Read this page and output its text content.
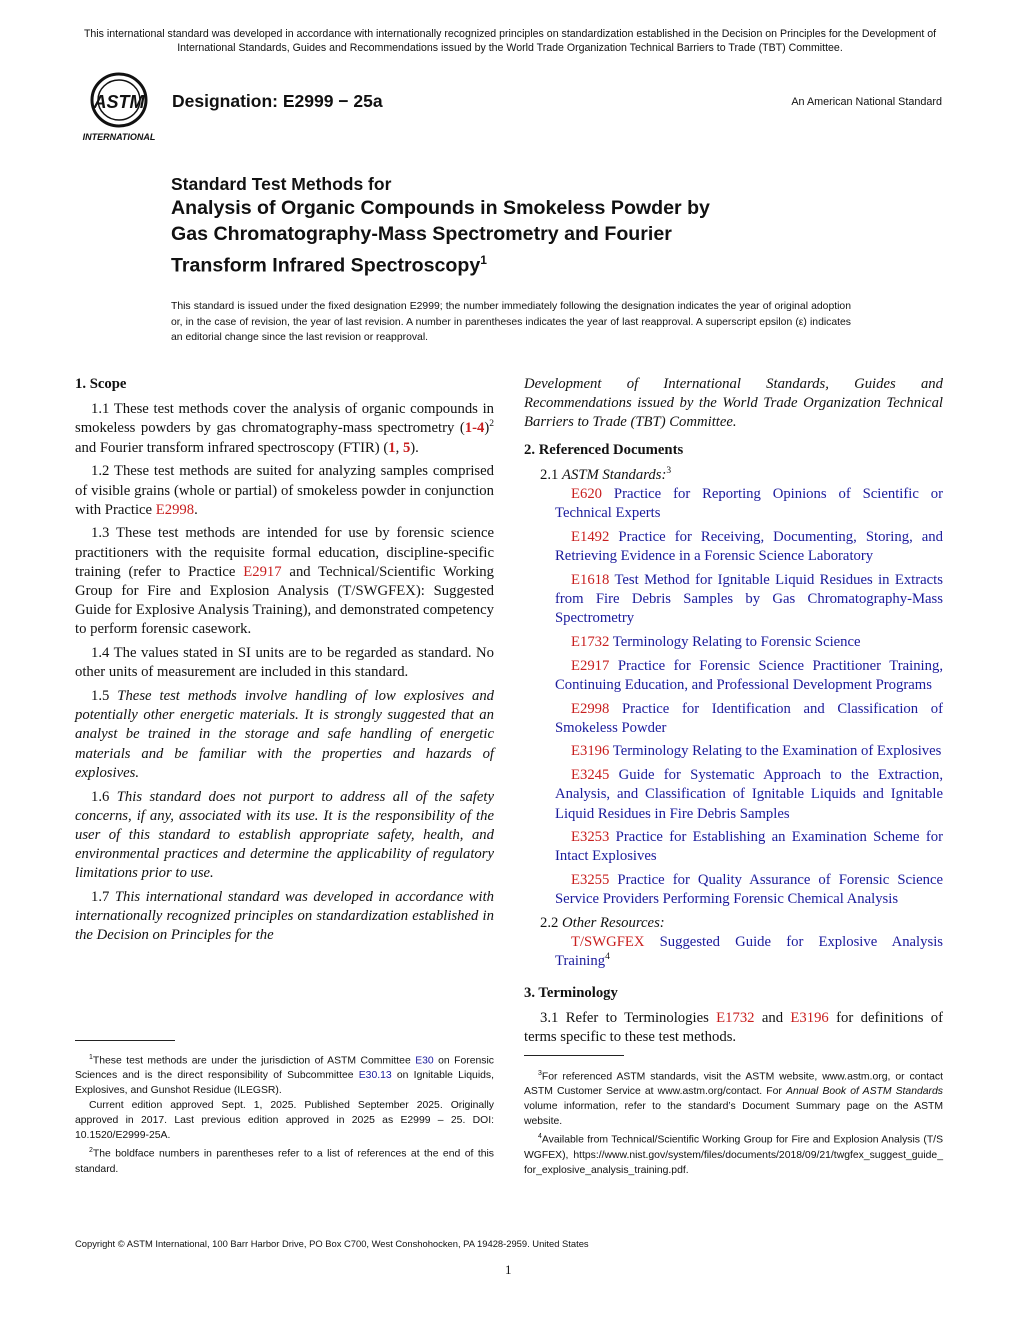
This international standard was developed in accordance with internationally recognized principles on standardization established in the Decision on Principles for the Development of International Standards, Guides and Recommendations issued by the World Trade Organization Technical Barriers to Trade (TBT) Committee.
ASTM
INTERNATIONAL
Designation: E2999 − 25a	An American National Standard
Standard Test Methods for
Analysis of Organic Compounds in Smokeless Powder by
Gas Chromatography-Mass Spectrometry and Fourier
Transform Infrared Spectroscopy$^1$
This standard is issued under the fixed designation E2999; the number immediately following the designation indicates the year of original adoption or, in the case of revision, the year of last revision. A number in parentheses indicates the year of last reapproval. A superscript epsilon (ε) indicates an editorial change since the last revision or reapproval.
1. Scope

1.1 These test methods cover the analysis of organic compounds in smokeless powders by gas chromatography-mass spectrometry (1-4)$^2$ and Fourier transform infrared spectroscopy (FTIR) (1, 5).

1.2 These test methods are suited for analyzing samples comprised of visible grains (whole or partial) of smokeless powder in conjunction with Practice E2998.

1.3 These test methods are intended for use by forensic science practitioners with the requisite formal education, discipline-specific training (refer to Practice E2917 and Technical/Scientific Working Group for Fire and Explosion Analysis (T/SWGFEX): Suggested Guide for Explosive Analysis Training), and demonstrated competency to perform forensic casework.

1.4 The values stated in SI units are to be regarded as standard. No other units of measurement are included in this standard.

1.5 These test methods involve handling of low explosives and potentially other energetic materials. It is strongly suggested that an analyst be trained in the storage and safe handling of energetic materials and be familiar with the properties and hazards of explosives.

1.6 This standard does not purport to address all of the safety concerns, if any, associated with its use. It is the responsibility of the user of this standard to establish appropriate safety, health, and environmental practices and determine the applicability of regulatory limitations prior to use.

1.7 This international standard was developed in accordance with internationally recognized principles on standardization established in the Decision on Principles for the

Development of International Standards, Guides and Recommendations issued by the World Trade Organization Technical Barriers to Trade (TBT) Committee.

2. Referenced Documents

2.1 ASTM Standards:$^3$

E620 Practice for Reporting Opinions of Scientific or Technical Experts

E1492 Practice for Receiving, Documenting, Storing, and Retrieving Evidence in a Forensic Science Laboratory

E1618 Test Method for Ignitable Liquid Residues in Extracts from Fire Debris Samples by Gas Chromatography-Mass Spectrometry

E1732 Terminology Relating to Forensic Science

E2917 Practice for Forensic Science Practitioner Training, Continuing Education, and Professional Development Programs

E2998 Practice for Identification and Classification of Smokeless Powder

E3196 Terminology Relating to the Examination of Explosives

E3245 Guide for Systematic Approach to the Extraction, Analysis, and Classification of Ignitable Liquids and Ignitable Liquid Residues in Fire Debris Samples

E3253 Practice for Establishing an Examination Scheme for Intact Explosives

E3255 Practice for Quality Assurance of Forensic Science Service Providers Performing Forensic Chemical Analysis

2.2 Other Resources:

T/SWGFEX Suggested Guide for Explosive Analysis Training$^4$

3. Terminology

3.1 Refer to Terminologies E1732 and E3196 for definitions of terms specific to these test methods.

$^1$These test methods are under the jurisdiction of ASTM Committee E30 on Forensic Sciences and is the direct responsibility of Subcommittee E30.13 on Ignitable Liquids, Explosives, and Gunshot Residue (ILEGSR).

Current edition approved Sept. 1, 2025. Published September 2025. Originally approved in 2017. Last previous edition approved in 2025 as E2999 – 25. DOI: 10.1520/E2999-25A.

$^2$The boldface numbers in parentheses refer to a list of references at the end of this standard.

$^3$For referenced ASTM standards, visit the ASTM website, www.astm.org, or contact ASTM Customer Service at www.astm.org/contact. For Annual Book of ASTM Standards volume information, refer to the standard’s Document Summary page on the ASTM website.

$^4$Available from Technical/Scientific Working Group for Fire and Explosion Analysis (T/SWGFEX), https://www.nist.gov/system/files/documents/2018/09/21/twgfex_suggest_guide_for_explosive_analysis_training.pdf.

Copyright © ASTM International, 100 Barr Harbor Drive, PO Box C700, West Conshohocken, PA 19428-2959. United States
1
